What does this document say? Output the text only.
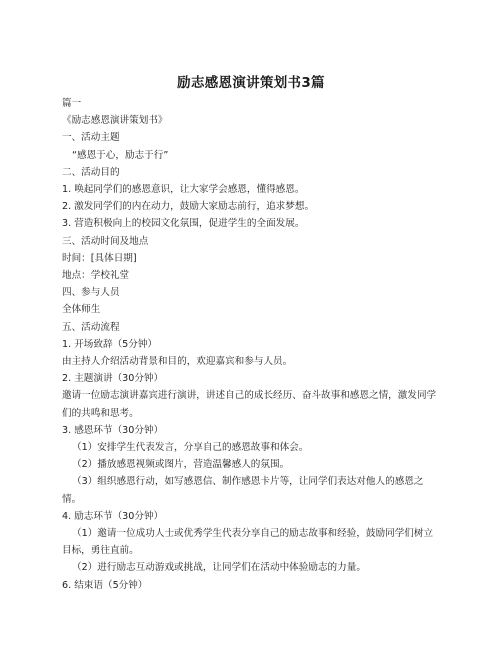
励志感恩演讲策划书3篇
篇一
《励志感恩演讲策划书》
一、活动主题
“感恩于心，励志于行”
二、活动目的
1. 唤起同学们的感恩意识，让大家学会感恩，懂得感恩。
2. 激发同学们的内在动力，鼓励大家励志前行，追求梦想。
3. 营造积极向上的校园文化氛围，促进学生的全面发展。
三、活动时间及地点
时间：[具体日期]
地点：学校礼堂
四、参与人员
全体师生
五、活动流程
1. 开场致辞（5分钟）
由主持人介绍活动背景和目的，欢迎嘉宾和参与人员。
2. 主题演讲（30分钟）
邀请一位励志演讲嘉宾进行演讲，讲述自己的成长经历、奋斗故事和感恩之情，激发同学们的共鸣和思考。
3. 感恩环节（30分钟）
（1）安排学生代表发言，分享自己的感恩故事和体会。
（2）播放感恩视频或图片，营造温馨感人的氛围。
（3）组织感恩行动，如写感恩信、制作感恩卡片等，让同学们表达对他人的感恩之情。
4. 励志环节（30分钟）
（1）邀请一位成功人士或优秀学生代表分享自己的励志故事和经验，鼓励同学们树立目标，勇往直前。
（2）进行励志互动游戏或挑战，让同学们在活动中体验励志的力量。
6. 结束语（5分钟）
